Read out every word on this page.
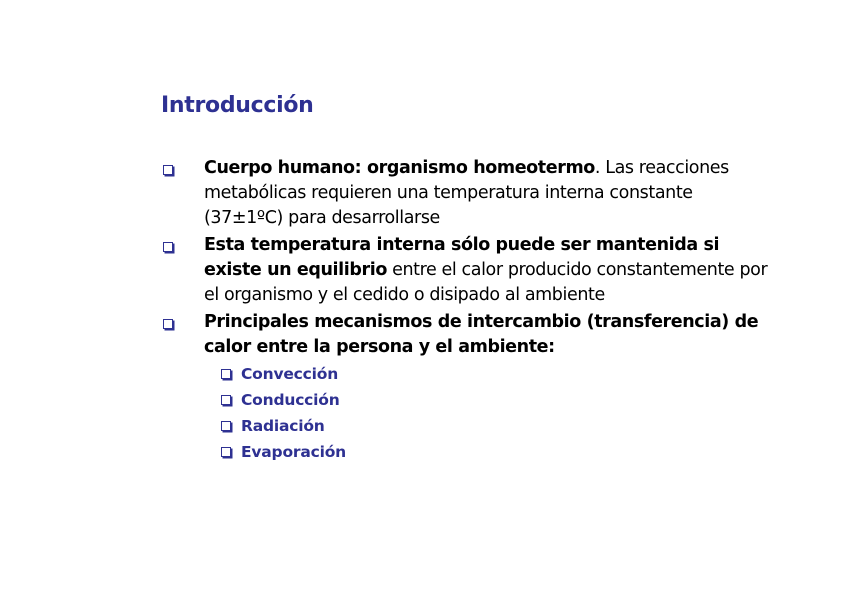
Introducción
Cuerpo humano: organismo homeotermo. Las reacciones metabólicas requieren una temperatura interna constante (37±1ºC) para desarrollarse
Esta temperatura interna sólo puede ser mantenida si existe un equilibrio entre el calor producido constantemente por el organismo y el cedido o disipado al ambiente
Principales mecanismos de intercambio (transferencia) de calor entre la persona y el ambiente:
Convección
Conducción
Radiación
Evaporación
